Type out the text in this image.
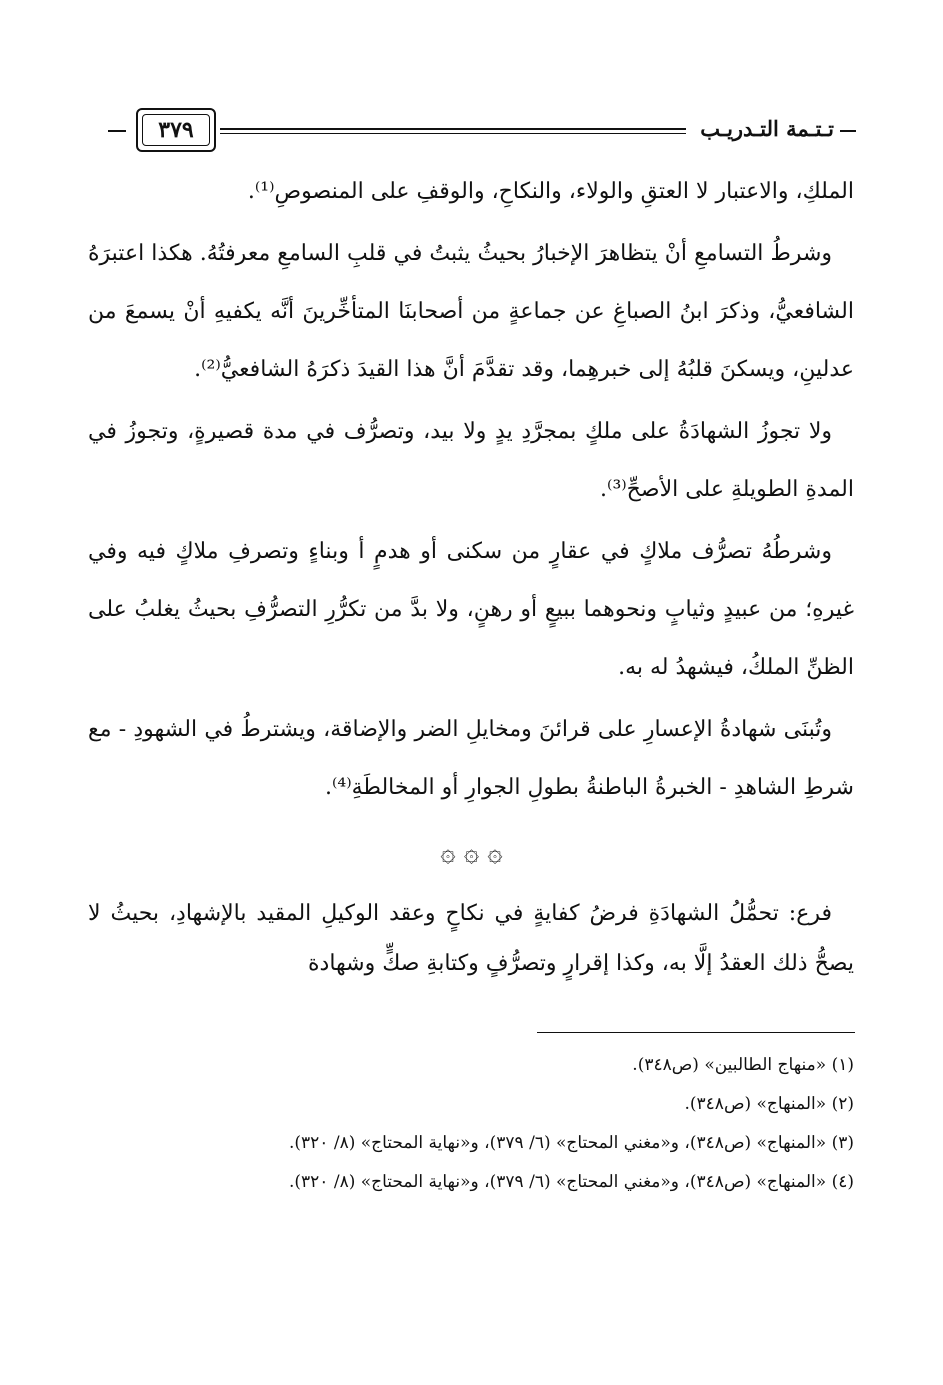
تـتـمة التـدريـب
٣٧٩

الملكِ، والاعتبار لا العتقِ والولاء، والنكاحِ، والوقفِ على المنصوصِ⁽¹⁾.

وشرطُ التسامعِ أنْ يتظاهرَ الإخبارُ بحيثُ يثبتُ في قلبِ السامعِ معرفتُهُ. هكذا اعتبرَهُ الشافعيُّ، وذكرَ ابنُ الصباغِ عن جماعةٍ من أصحابنَا المتأخِّرينَ أنَّه يكفيهِ أنْ يسمعَ من عدلينِ، ويسكنَ قلبُهُ إلى خبرهِما، وقد تقدَّمَ أنَّ هذا القيدَ ذكرَهُ الشافعيُّ⁽²⁾.

ولا تجوزُ الشهادَةُ على ملكٍ بمجرَّدِ يدٍ ولا بيد، وتصرُّف في مدة قصيرةٍ، وتجوزُ في المدةِ الطويلةِ على الأصحِّ⁽³⁾.

وشرطُهُ تصرُّف ملاكٍ في عقارٍ من سكنى أو هدمٍ أ وبناءٍ وتصرفِ ملاكٍ فيه وفي غيرهِ؛ من عبيدٍ وثيابٍ ونحوهما ببيعٍ أو رهنٍ، ولا بدَّ من تكرُّرِ التصرُّفِ بحيثُ يغلبُ على الظنِّ الملكُ، فيشهدُ له به.

وتُبنَى شهادةُ الإعسارِ على قرائنَ ومخايلِ الضر والإضاقة، ويشترطُ في الشهودِ - مع شرطِ الشاهدِ - الخبرةُ الباطنةُ بطولِ الجوارِ أو المخالطَةِ⁽⁴⁾.

۞ ۞ ۞

فرع: تحمُّلُ الشهادَةِ فرضُ كفايةٍ في نكاحٍ وعقد الوكيلِ المقيد بالإشهادِ، بحيثُ لا يصحُّ ذلك العقدُ إلَّا به، وكذا إقرارٍ وتصرُّفٍ وكتابةِ صكٍّ وشهادة

(١) «منهاج الطالبين» (ص٣٤٨).
(٢) «المنهاج» (ص٣٤٨).
(٣) «المنهاج» (ص٣٤٨)، و«مغني المحتاج» (٦/ ٣٧٩)، و«نهاية المحتاج» (٨/ ٣٢٠).
(٤) «المنهاج» (ص٣٤٨)، و«مغني المحتاج» (٦/ ٣٧٩)، و«نهاية المحتاج» (٨/ ٣٢٠).
